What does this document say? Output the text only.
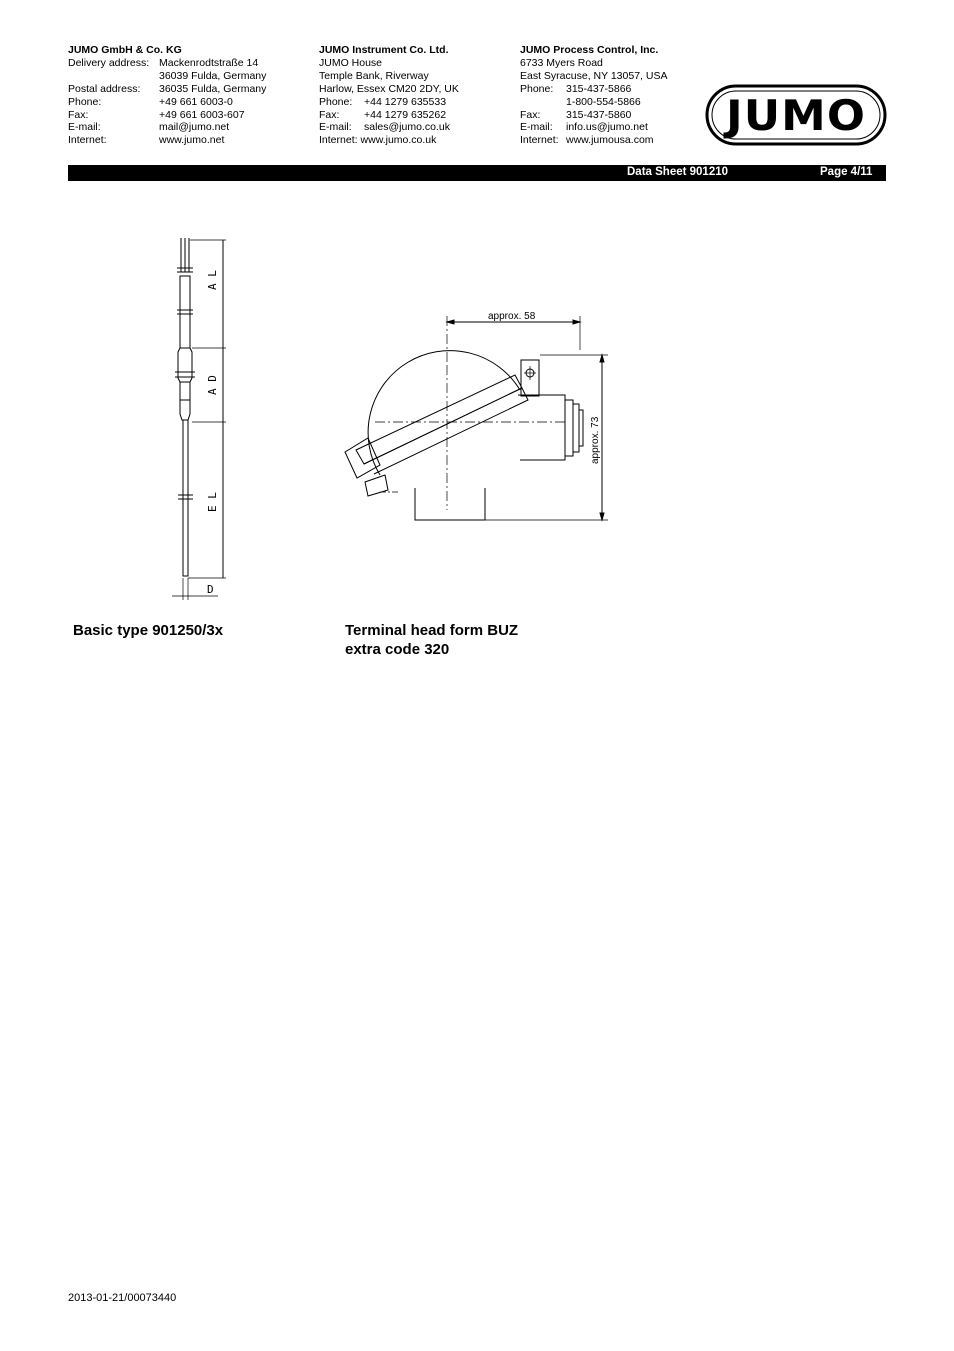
JUMO GmbH & Co. KG
Delivery address: Mackenrodtstraße 14
36039 Fulda, Germany
Postal address: 36035 Fulda, Germany
Phone:	+49 661 6003-0
Fax:	+49 661 6003-607
E-mail:	mail@jumo.net
Internet:	www.jumo.net
JUMO Instrument Co. Ltd.
JUMO House
Temple Bank, Riverway
Harlow, Essex CM20 2DY, UK
Phone: +44 1279 635533
Fax: +44 1279 635262
E-mail: sales@jumo.co.uk
Internet: www.jumo.co.uk
JUMO Process Control, Inc.
6733 Myers Road
East Syracuse, NY 13057, USA
Phone: 315-437-5866
1-800-554-5866
Fax: 315-437-5860
E-mail: info.us@jumo.net
Internet: www.jumousa.com
JUMO
Data Sheet 901210	Page 4/11
A L
A D
E L
D
approx. 58
approx. 73
Basic type 901250/3x	Terminal head form BUZ
extra code 320
2013-01-21/00073440
